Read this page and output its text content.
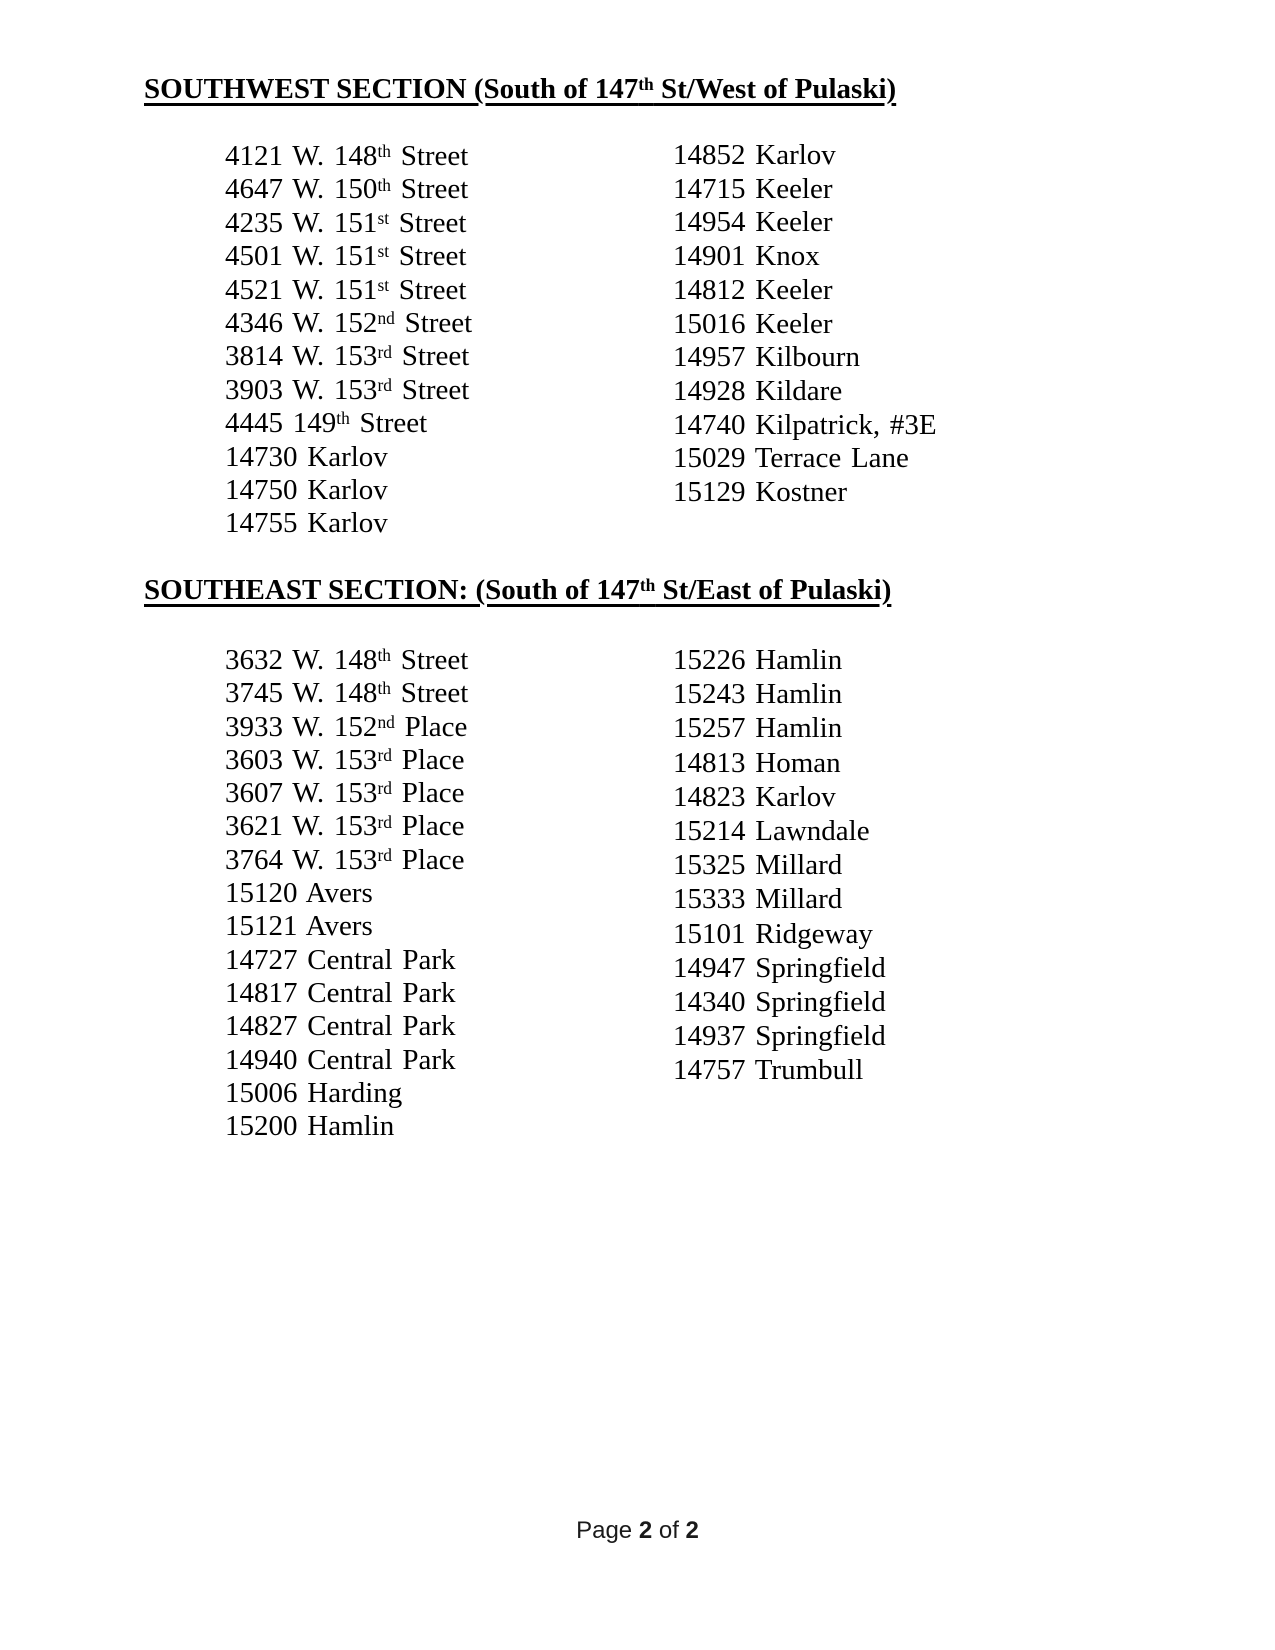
SOUTHWEST SECTION (South of 147th St/West of Pulaski)
4121 W. 148th Street
4647 W. 150th Street
4235 W. 151st Street
4501 W. 151st Street
4521 W. 151st Street
4346 W. 152nd Street
3814 W. 153rd Street
3903 W. 153rd Street
4445 149th Street
14730 Karlov
14750 Karlov
14755 Karlov
14852 Karlov
14715 Keeler
14954 Keeler
14901 Knox
14812 Keeler
15016 Keeler
14957 Kilbourn
14928 Kildare
14740 Kilpatrick, #3E
15029 Terrace Lane
15129 Kostner
SOUTHEAST SECTION: (South of 147th St/East of Pulaski)
3632 W. 148th Street
3745 W. 148th Street
3933 W. 152nd Place
3603 W. 153rd Place
3607 W. 153rd Place
3621 W. 153rd Place
3764 W. 153rd Place
15120 Avers
15121 Avers
14727 Central Park
14817 Central Park
14827 Central Park
14940 Central Park
15006 Harding
15200 Hamlin
15226 Hamlin
15243 Hamlin
15257 Hamlin
14813 Homan
14823 Karlov
15214 Lawndale
15325 Millard
15333 Millard
15101 Ridgeway
14947 Springfield
14340 Springfield
14937 Springfield
14757 Trumbull
Page 2 of 2
